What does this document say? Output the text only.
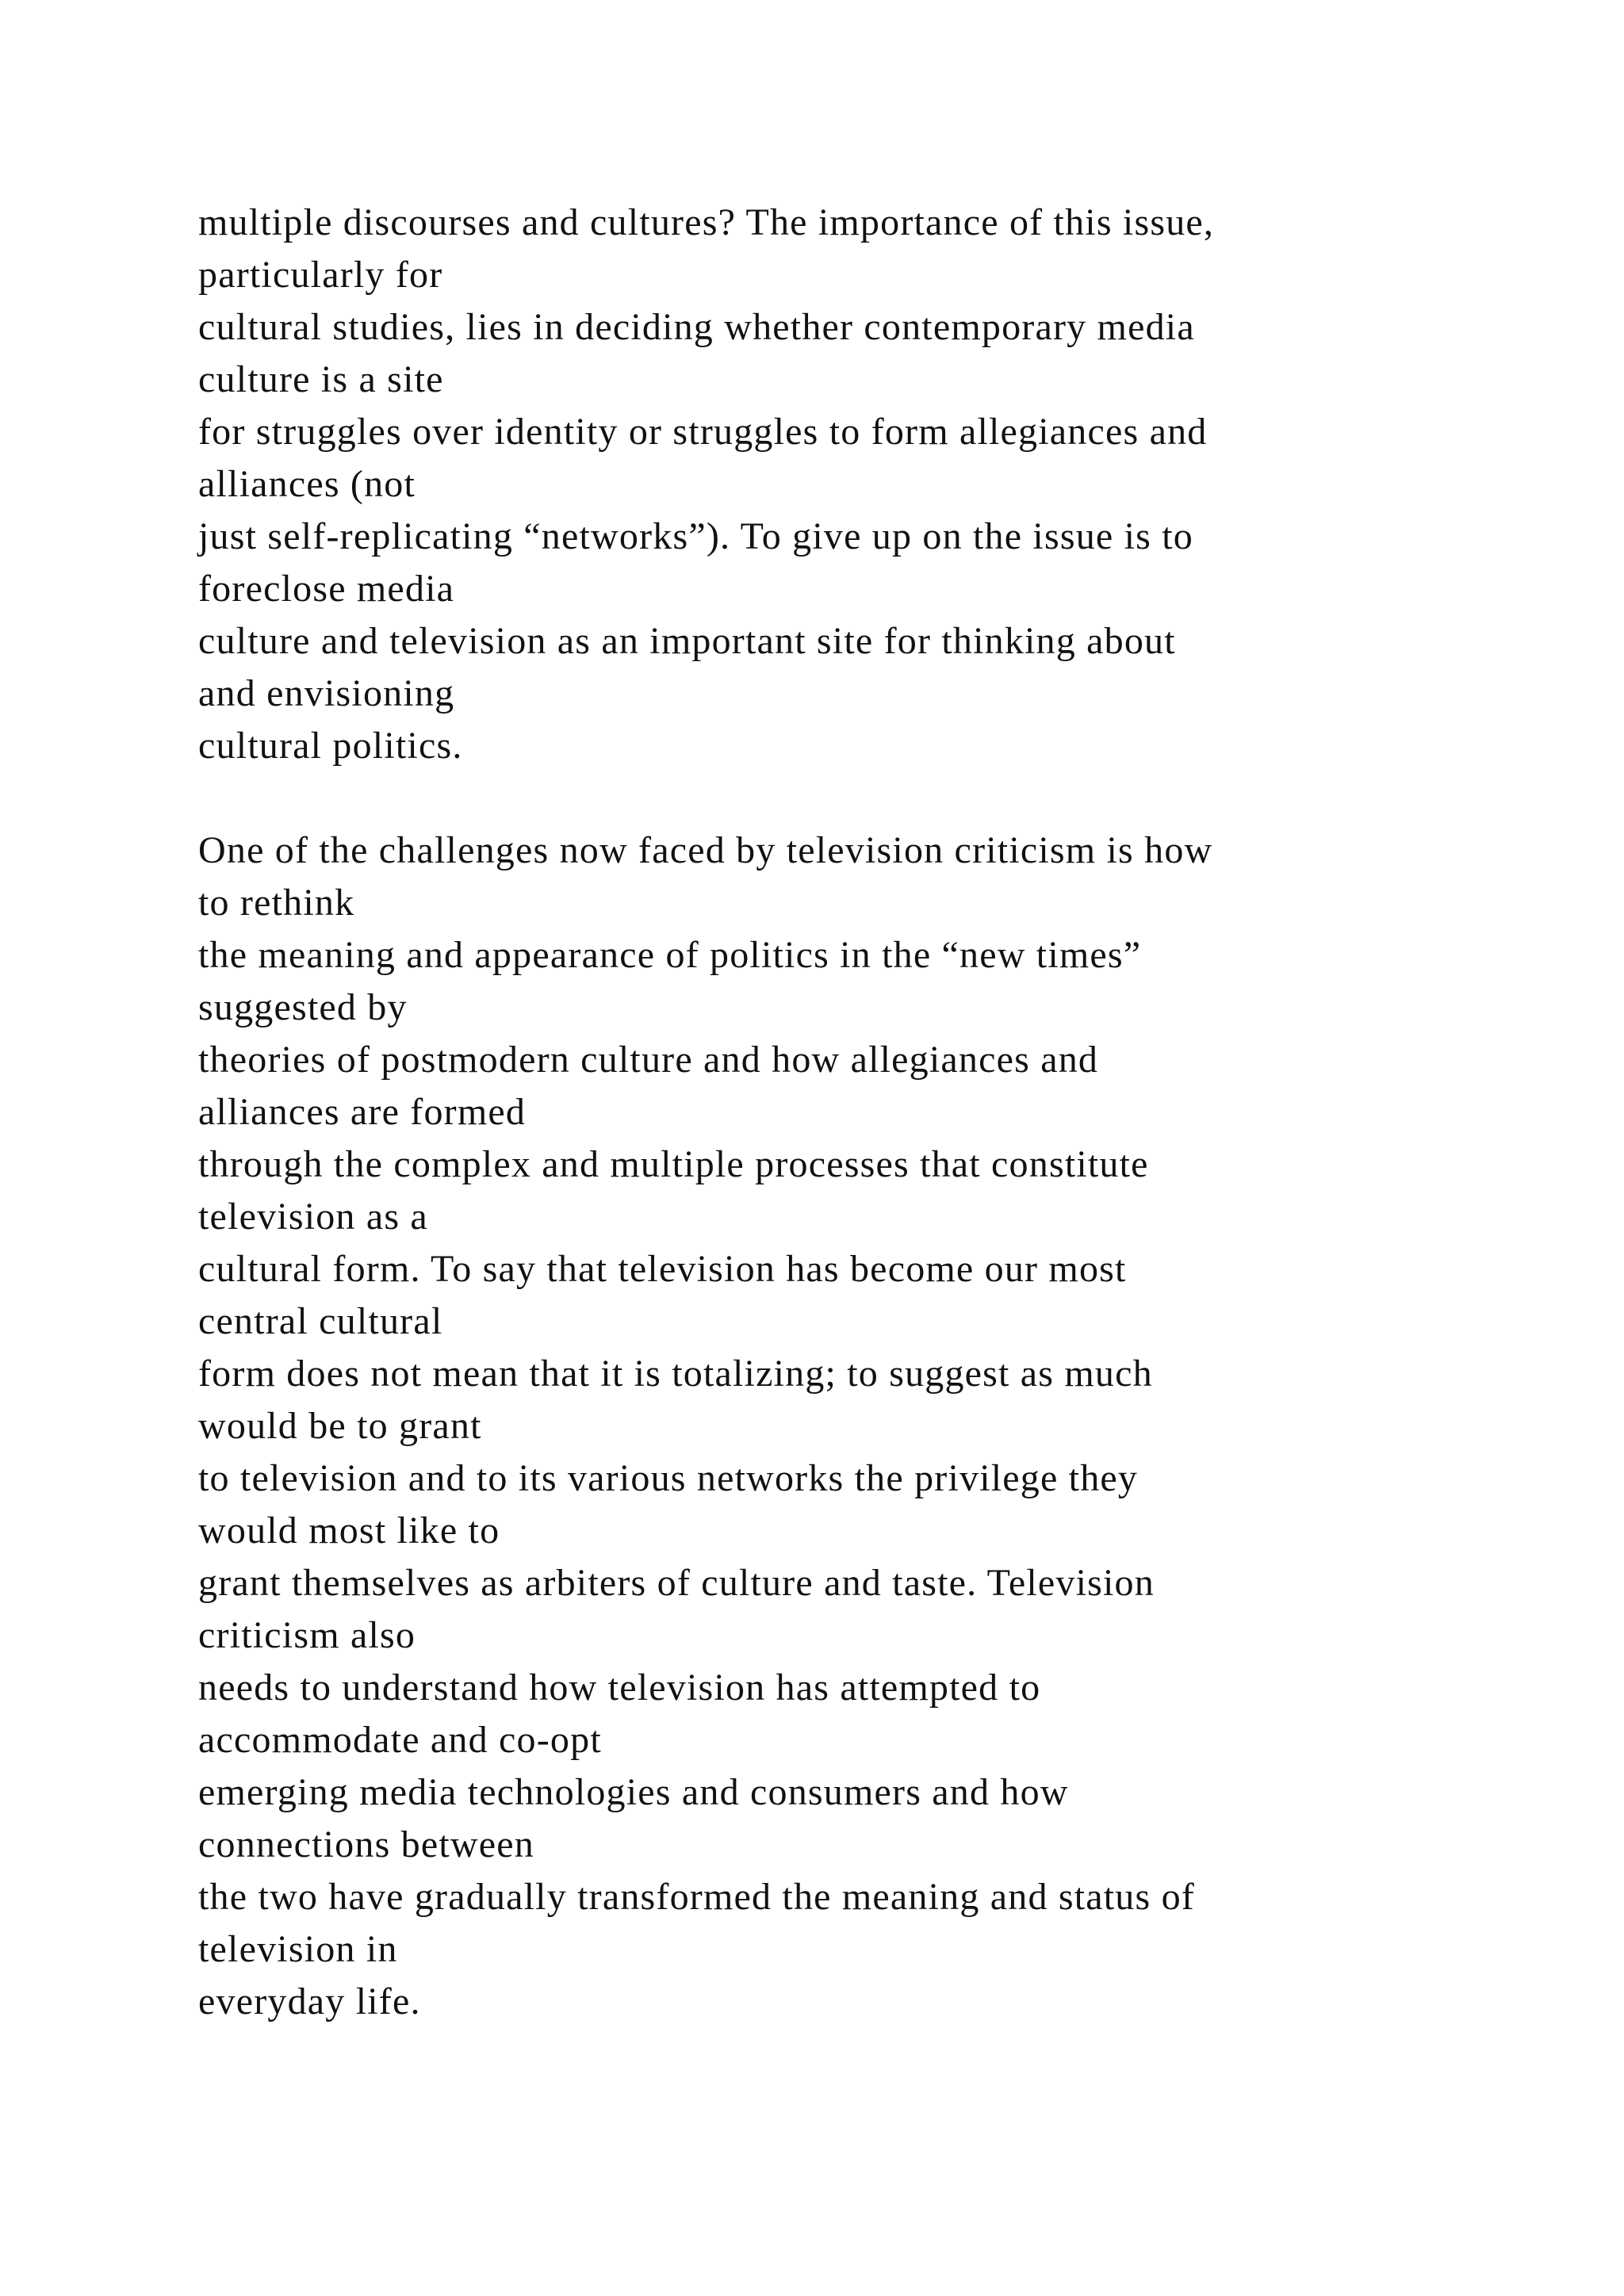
multiple discourses and cultures? The importance of this issue,
particularly for
cultural studies, lies in deciding whether contemporary media
culture is a site
for struggles over identity or struggles to form allegiances and
alliances (not
just self-replicating “networks”). To give up on the issue is to
foreclose media
culture and television as an important site for thinking about
and envisioning
cultural politics.
One of the challenges now faced by television criticism is how
to rethink
the meaning and appearance of politics in the “new times”
suggested by
theories of postmodern culture and how allegiances and
alliances are formed
through the complex and multiple processes that constitute
television as a
cultural form. To say that television has become our most
central cultural
form does not mean that it is totalizing; to suggest as much
would be to grant
to television and to its various networks the privilege they
would most like to
grant themselves as arbiters of culture and taste. Television
criticism also
needs to understand how television has attempted to
accommodate and co-opt
emerging media technologies and consumers and how
connections between
the two have gradually transformed the meaning and status of
television in
everyday life.
